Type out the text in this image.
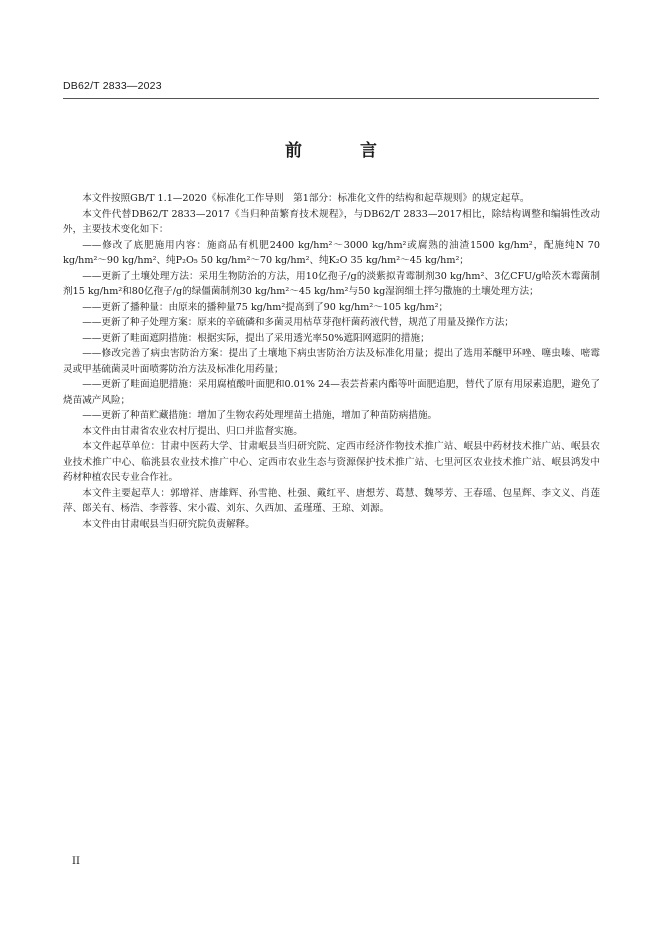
DB62/T 2833—2023
前 言

本文件按照GB/T 1.1—2020《标准化工作导则　第1部分：标准化文件的结构和起草规则》的规定起草。

本文件代替DB62/T 2833—2017《当归种苗繁育技术规程》，与DB62/T 2833—2017相比，除结构调整和编辑性改动外，主要技术变化如下：

——修改了底肥施用内容：施商品有机肥2400 kg/hm²～3000 kg/hm²或腐熟的油渣1500 kg/hm²，配施纯N 70 kg/hm²～90 kg/hm²、纯P₂O₅ 50 kg/hm²～70 kg/hm²、纯K₂O 35 kg/hm²～45 kg/hm²；

——更新了土壤处理方法：采用生物防治的方法，用10亿孢子/g的淡紫拟青霉制剂30 kg/hm²、3亿CFU/g哈茨木霉菌制剂15 kg/hm²和80亿孢子/g的绿僵菌制剂30 kg/hm²～45 kg/hm²与50 kg湿润细土拌匀撒施的土壤处理方法；

——更新了播种量：由原来的播种量75 kg/hm²提高到了90 kg/hm²～105 kg/hm²；

——更新了种子处理方案：原来的辛硫磷和多菌灵用枯草芽孢杆菌药液代替，规范了用量及操作方法；

——更新了畦面遮阴措施：根据实际，提出了采用透光率50%遮阳网遮阴的措施；

——修改完善了病虫害防治方案：提出了土壤地下病虫害防治方法及标准化用量；提出了选用苯醚甲环唑、噻虫嗪、嘧霉灵或甲基硫菌灵叶面喷雾防治方法及标准化用药量；

——更新了畦面追肥措施：采用腐植酸叶面肥和0.01% 24—表芸苔素内酯等叶面肥追肥，替代了原有用尿素追肥，避免了烧苗减产风险；

——更新了种苗贮藏措施：增加了生物农药处理埋苗土措施，增加了种苗防病措施。

本文件由甘肃省农业农村厅提出、归口并监督实施。

本文件起草单位：甘肃中医药大学、甘肃岷县当归研究院、定西市经济作物技术推广站、岷县中药材技术推广站、岷县农业技术推广中心、临洮县农业技术推广中心、定西市农业生态与资源保护技术推广站、七里河区农业技术推广站、岷县鸿发中药材种植农民专业合作社。

本文件主要起草人：郭增祥、唐雄辉、孙雪艳、杜强、戴红平、唐想芳、葛慧、魏琴芳、王春瑶、包星辉、李文义、肖莲萍、郎关有、杨浩、李蓉蓉、宋小霞、刘东、久西加、孟瑾瑾、王琼、刘源。

本文件由甘肃岷县当归研究院负责解释。

II
